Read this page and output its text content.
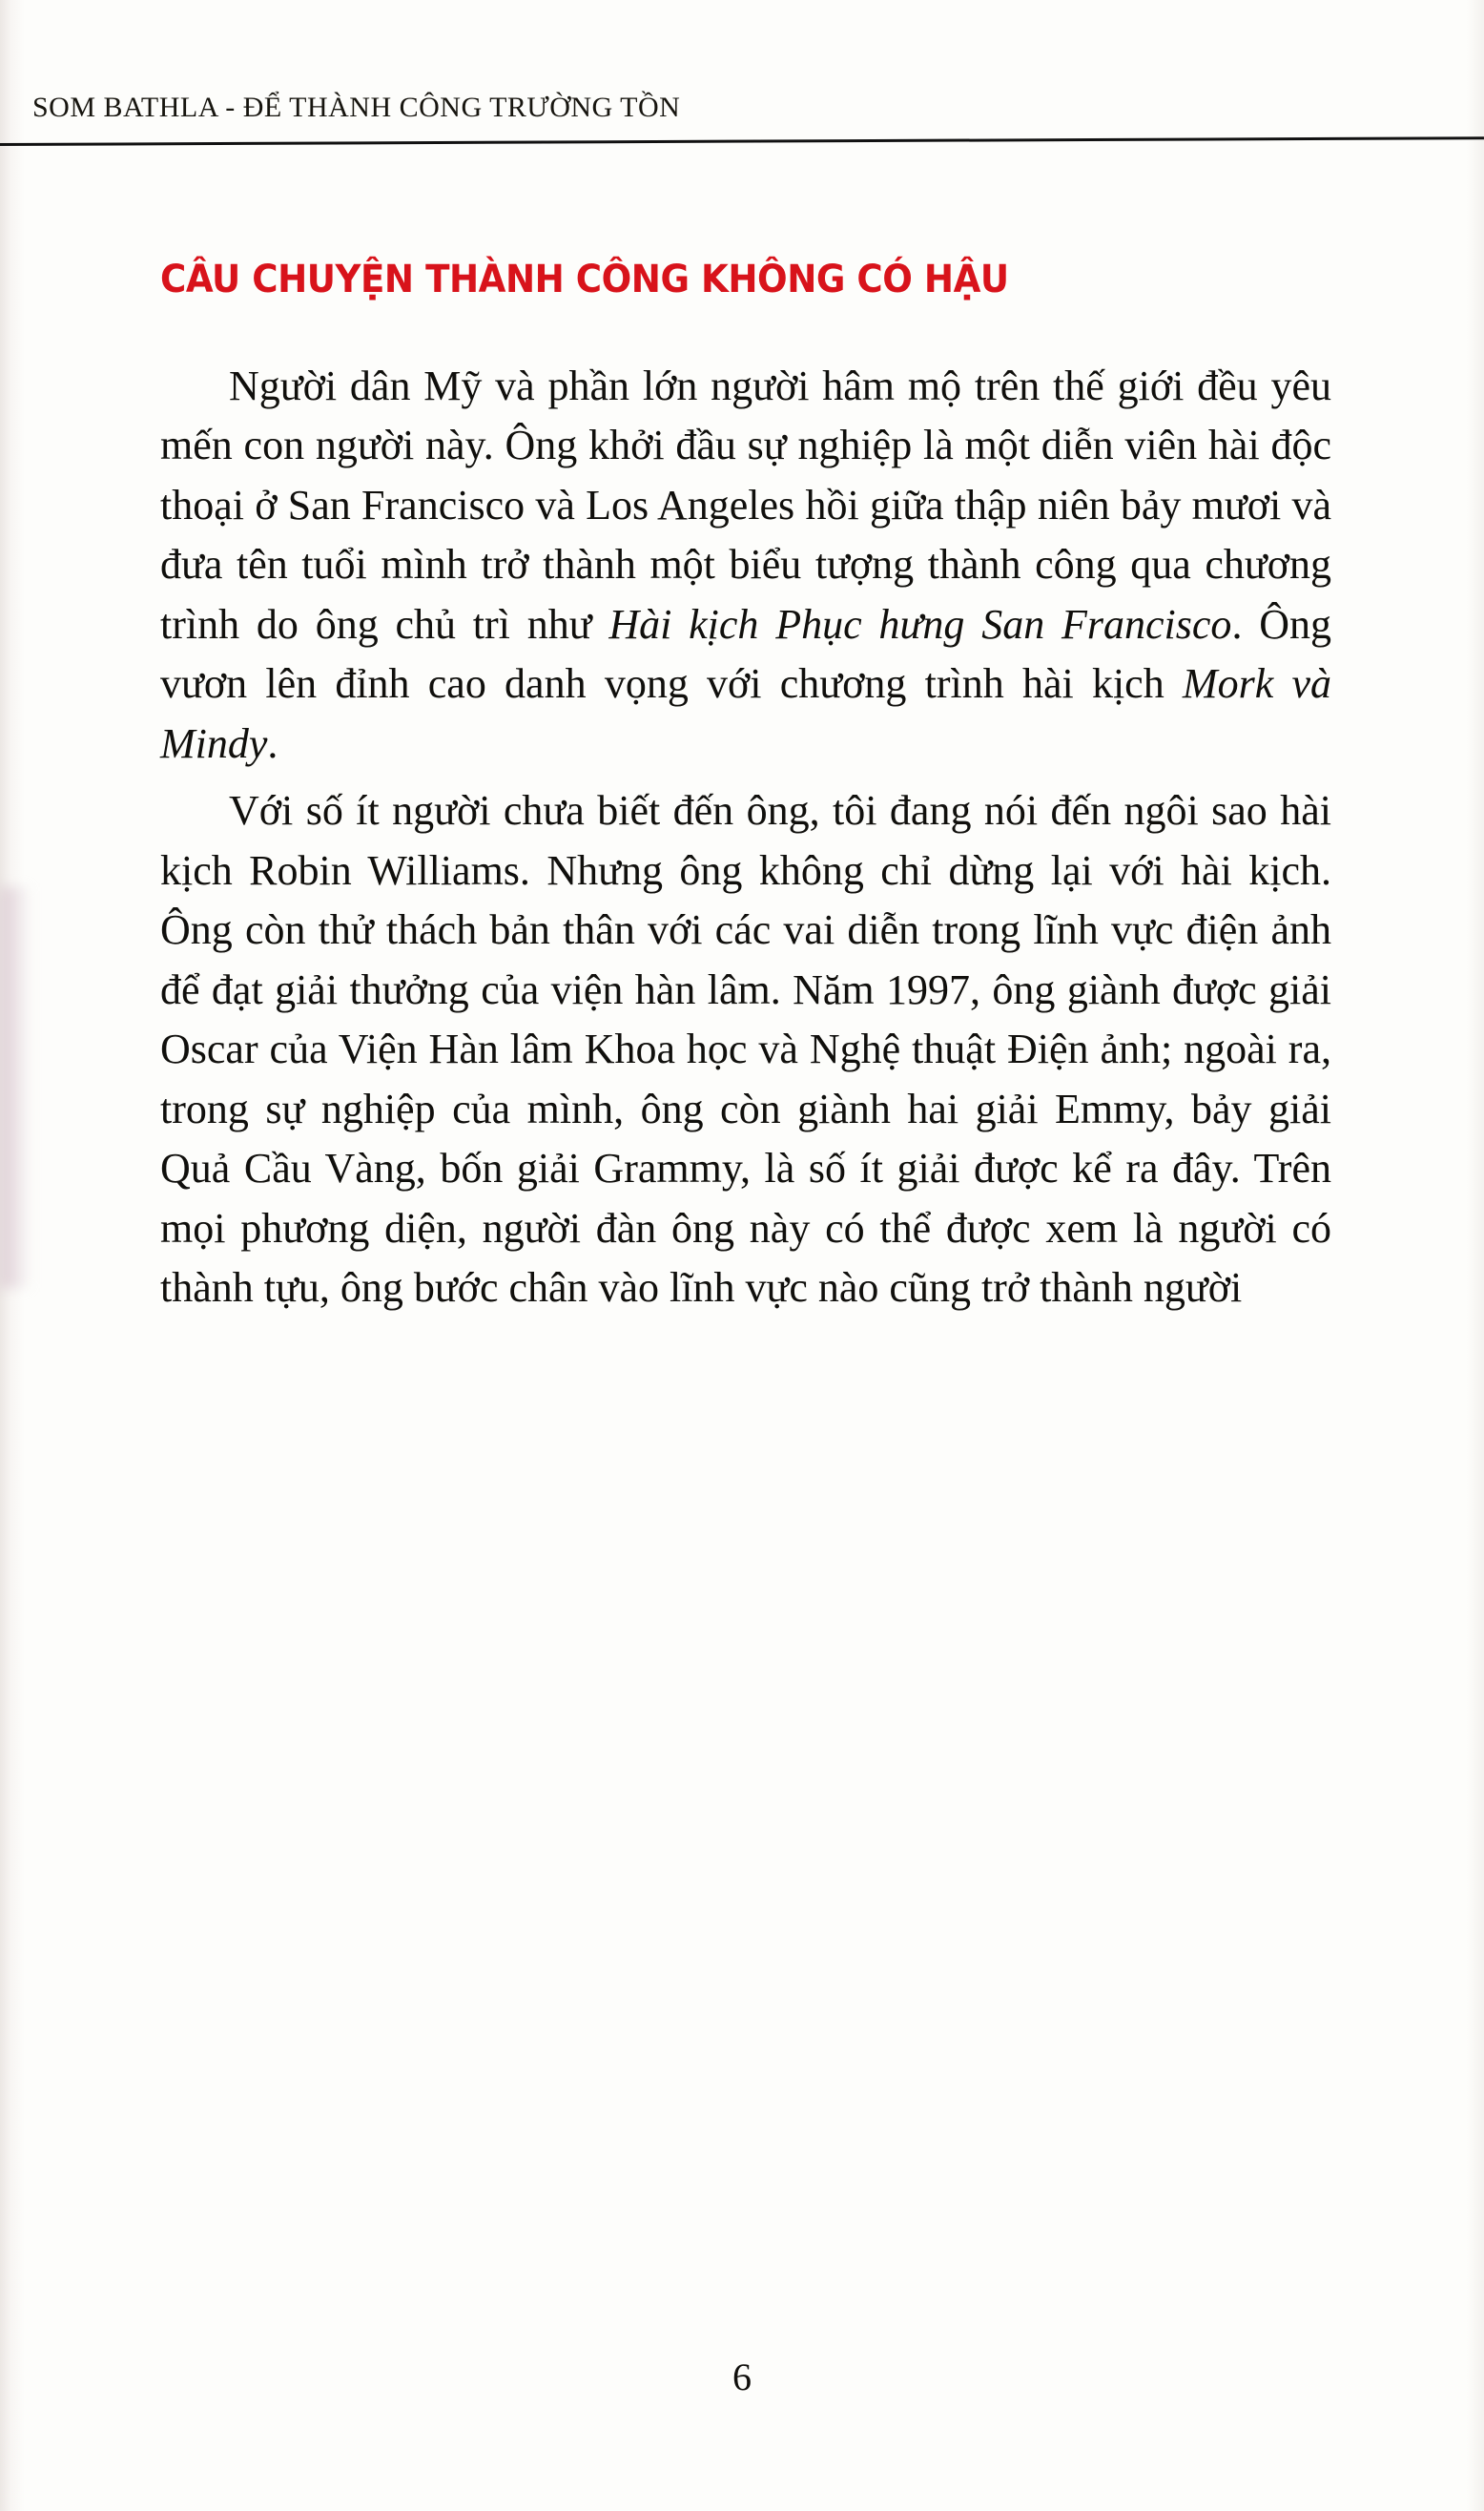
SOM BATHLA - ĐỂ THÀNH CÔNG TRƯỜNG TỒN
CÂU CHUYỆN THÀNH CÔNG KHÔNG CÓ HẬU

Người dân Mỹ và phần lớn người hâm mộ trên thế giới đều yêu mến con người này. Ông khởi đầu sự nghiệp là một diễn viên hài độc thoại ở San Francisco và Los Angeles hồi giữa thập niên bảy mươi và đưa tên tuổi mình trở thành một biểu tượng thành công qua chương trình do ông chủ trì như Hài kịch Phục hưng San Francisco. Ông vươn lên đỉnh cao danh vọng với chương trình hài kịch Mork và Mindy.

Với số ít người chưa biết đến ông, tôi đang nói đến ngôi sao hài kịch Robin Williams. Nhưng ông không chỉ dừng lại với hài kịch. Ông còn thử thách bản thân với các vai diễn trong lĩnh vực điện ảnh để đạt giải thưởng của viện hàn lâm. Năm 1997, ông giành được giải Oscar của Viện Hàn lâm Khoa học và Nghệ thuật Điện ảnh; ngoài ra, trong sự nghiệp của mình, ông còn giành hai giải Emmy, bảy giải Quả Cầu Vàng, bốn giải Grammy, là số ít giải được kể ra đây. Trên mọi phương diện, người đàn ông này có thể được xem là người có thành tựu, ông bước chân vào lĩnh vực nào cũng trở thành người

6
